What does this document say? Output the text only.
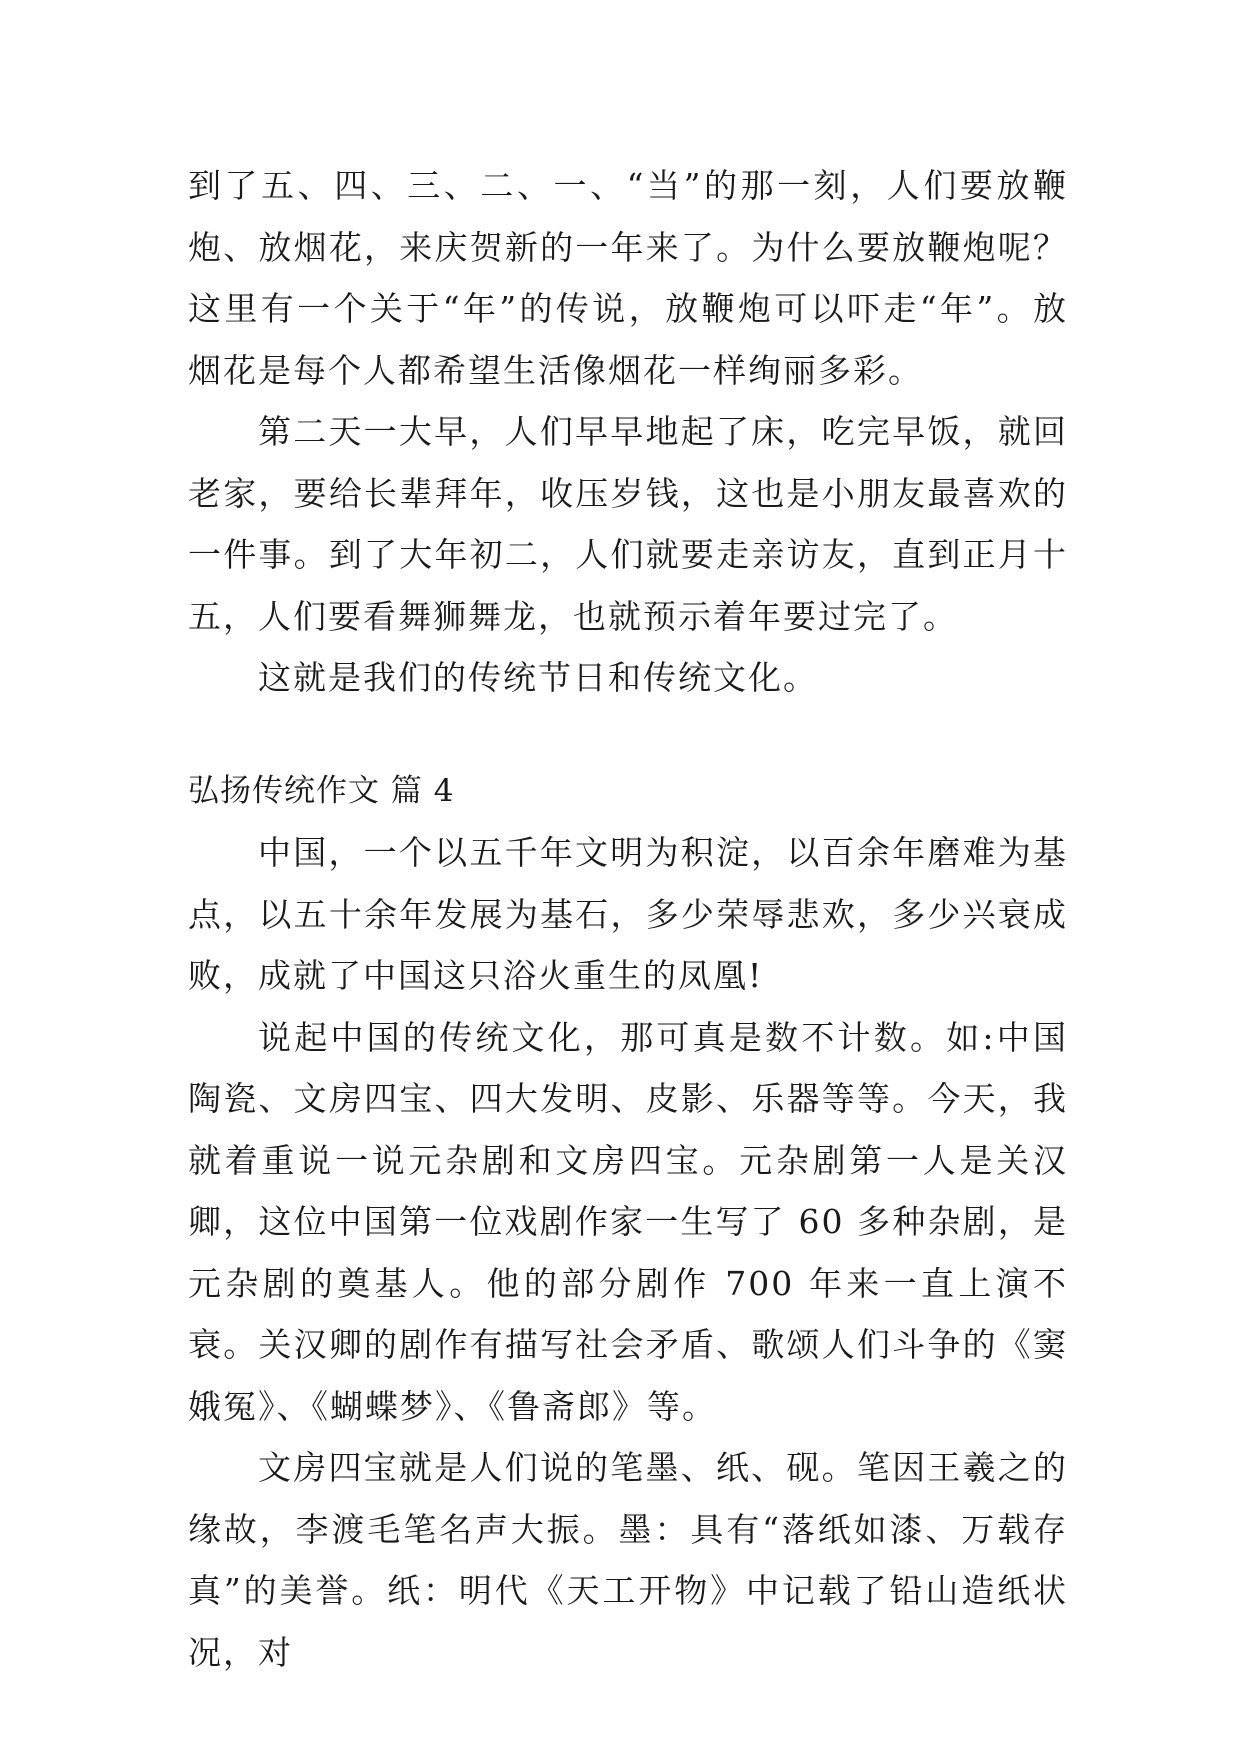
到了五、四、三、二、一、“当”的那一刻，人们要放鞭炮、放烟花，来庆贺新的一年来了。为什么要放鞭炮呢？这里有一个关于“年”的传说，放鞭炮可以吓走“年”。放烟花是每个人都希望生活像烟花一样绚丽多彩。

第二天一大早，人们早早地起了床，吃完早饭，就回老家，要给长辈拜年，收压岁钱，这也是小朋友最喜欢的一件事。到了大年初二，人们就要走亲访友，直到正月十五，人们要看舞狮舞龙，也就预示着年要过完了。

这就是我们的传统节日和传统文化。

弘扬传统作文 篇 4

中国，一个以五千年文明为积淀，以百余年磨难为基点，以五十余年发展为基石，多少荣辱悲欢，多少兴衰成败，成就了中国这只浴火重生的凤凰!

说起中国的传统文化，那可真是数不计数。如:中国陶瓷、文房四宝、四大发明、皮影、乐器等等。今天，我就着重说一说元杂剧和文房四宝。元杂剧第一人是关汉卿，这位中国第一位戏剧作家一生写了 60 多种杂剧，是元杂剧的奠基人。他的部分剧作 700 年来一直上演不衰。关汉卿的剧作有描写社会矛盾、歌颂人们斗争的《窦娥冤》、《蝴蝶梦》、《鲁斋郎》等。

文房四宝就是人们说的笔墨、纸、砚。笔因王羲之的缘故，李渡毛笔名声大振。墨：具有“落纸如漆、万载存真”的美誉。纸：明代《天工开物》中记载了铅山造纸状况，对
